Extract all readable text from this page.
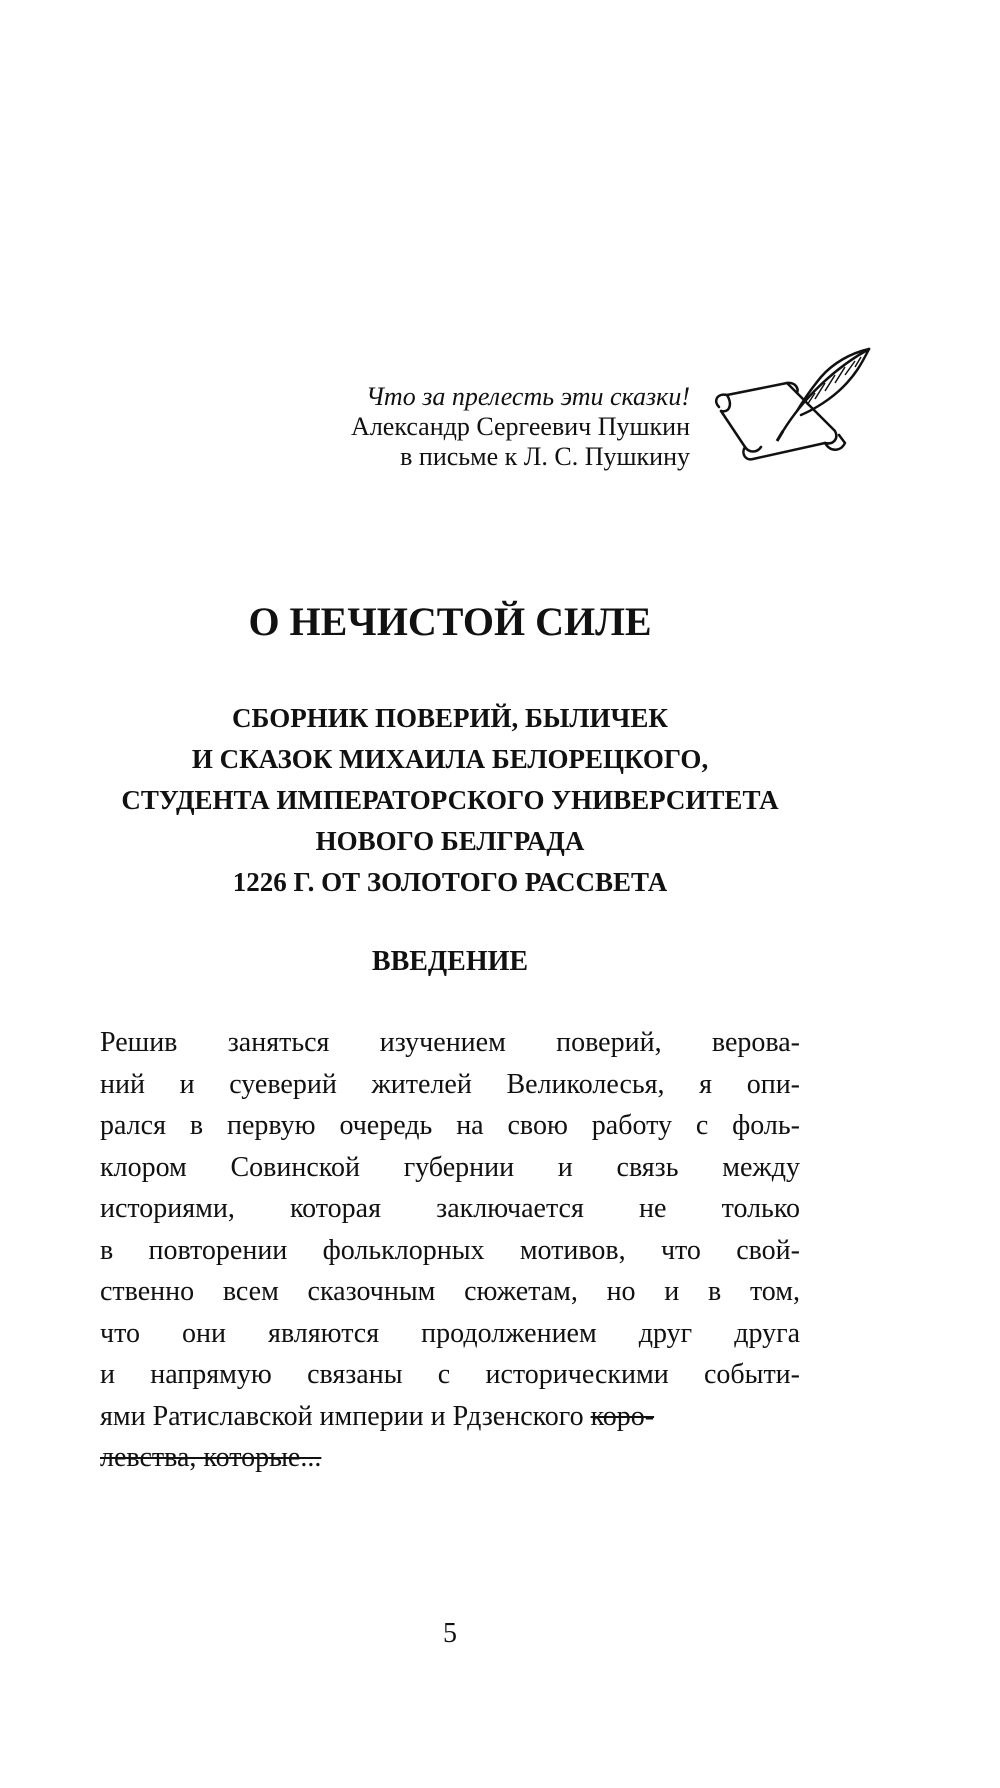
Что за прелесть эти сказки!
Александр Сергеевич Пушкин
в письме к Л. С. Пушкину
О НЕЧИСТОЙ СИЛЕ
СБОРНИК ПОВЕРИЙ, БЫЛИЧЕК
И СКАЗОК МИХАИЛА БЕЛОРЕЦКОГО,
СТУДЕНТА ИМПЕРАТОРСКОГО УНИВЕРСИТЕТА
НОВОГО БЕЛГРАДА
1226 Г. ОТ ЗОЛОТОГО РАССВЕТА
ВВЕДЕНИЕ
Решив заняться изучением поверий, верова-
ний и суеверий жителей Великолесья, я опи-
рался в первую очередь на свою работу с фоль-
клором Совинской губернии и связь между
историями, которая заключается не только
в повторении фольклорных мотивов, что свой-
ственно всем сказочным сюжетам, но и в том,
что они являются продолжением друг друга
и напрямую связаны с историческими событи-
ями Ратиславской империи и Рдзенского коро-
левства, которые...
5
